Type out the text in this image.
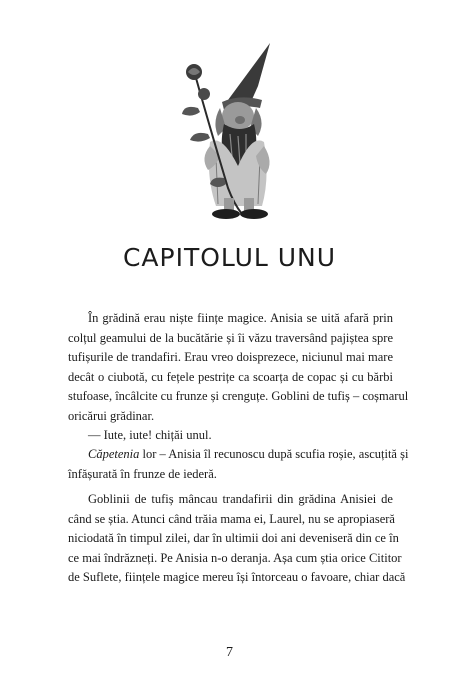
CAPITOLUL UNU
În grădină erau niște ființe magice. Anisia se uită afară prin
colțul geamului de la bucătărie și îi văzu traversând pajiștea spre
tufișurile de trandafiri. Erau vreo doisprezece, niciunul mai mare
decât o ciubotă, cu fețele pestrițe ca scoarța de copac și cu bărbi
stufoase, încâlcite cu frunze și crenguțe. Goblini de tufiș – coșmarul
oricărui grădinar.
— Iute, iute! chițăi unul.
Căpetenia lor – Anisia îl recunoscu după scufia roșie, ascuțită și
înfășurată în frunze de iederă.
Goblinii de tufiș mâncau trandafirii din grădina Anisiei de
când se știa. Atunci când trăia mama ei, Laurel, nu se apropiaseră
niciodată în timpul zilei, dar în ultimii doi ani deveniseră din ce în
ce mai îndrăzneți. Pe Anisia n-o deranja. Așa cum știa orice Cititor
de Suflete, ființele magice mereu își întorceau o favoare, chiar dacă
7
